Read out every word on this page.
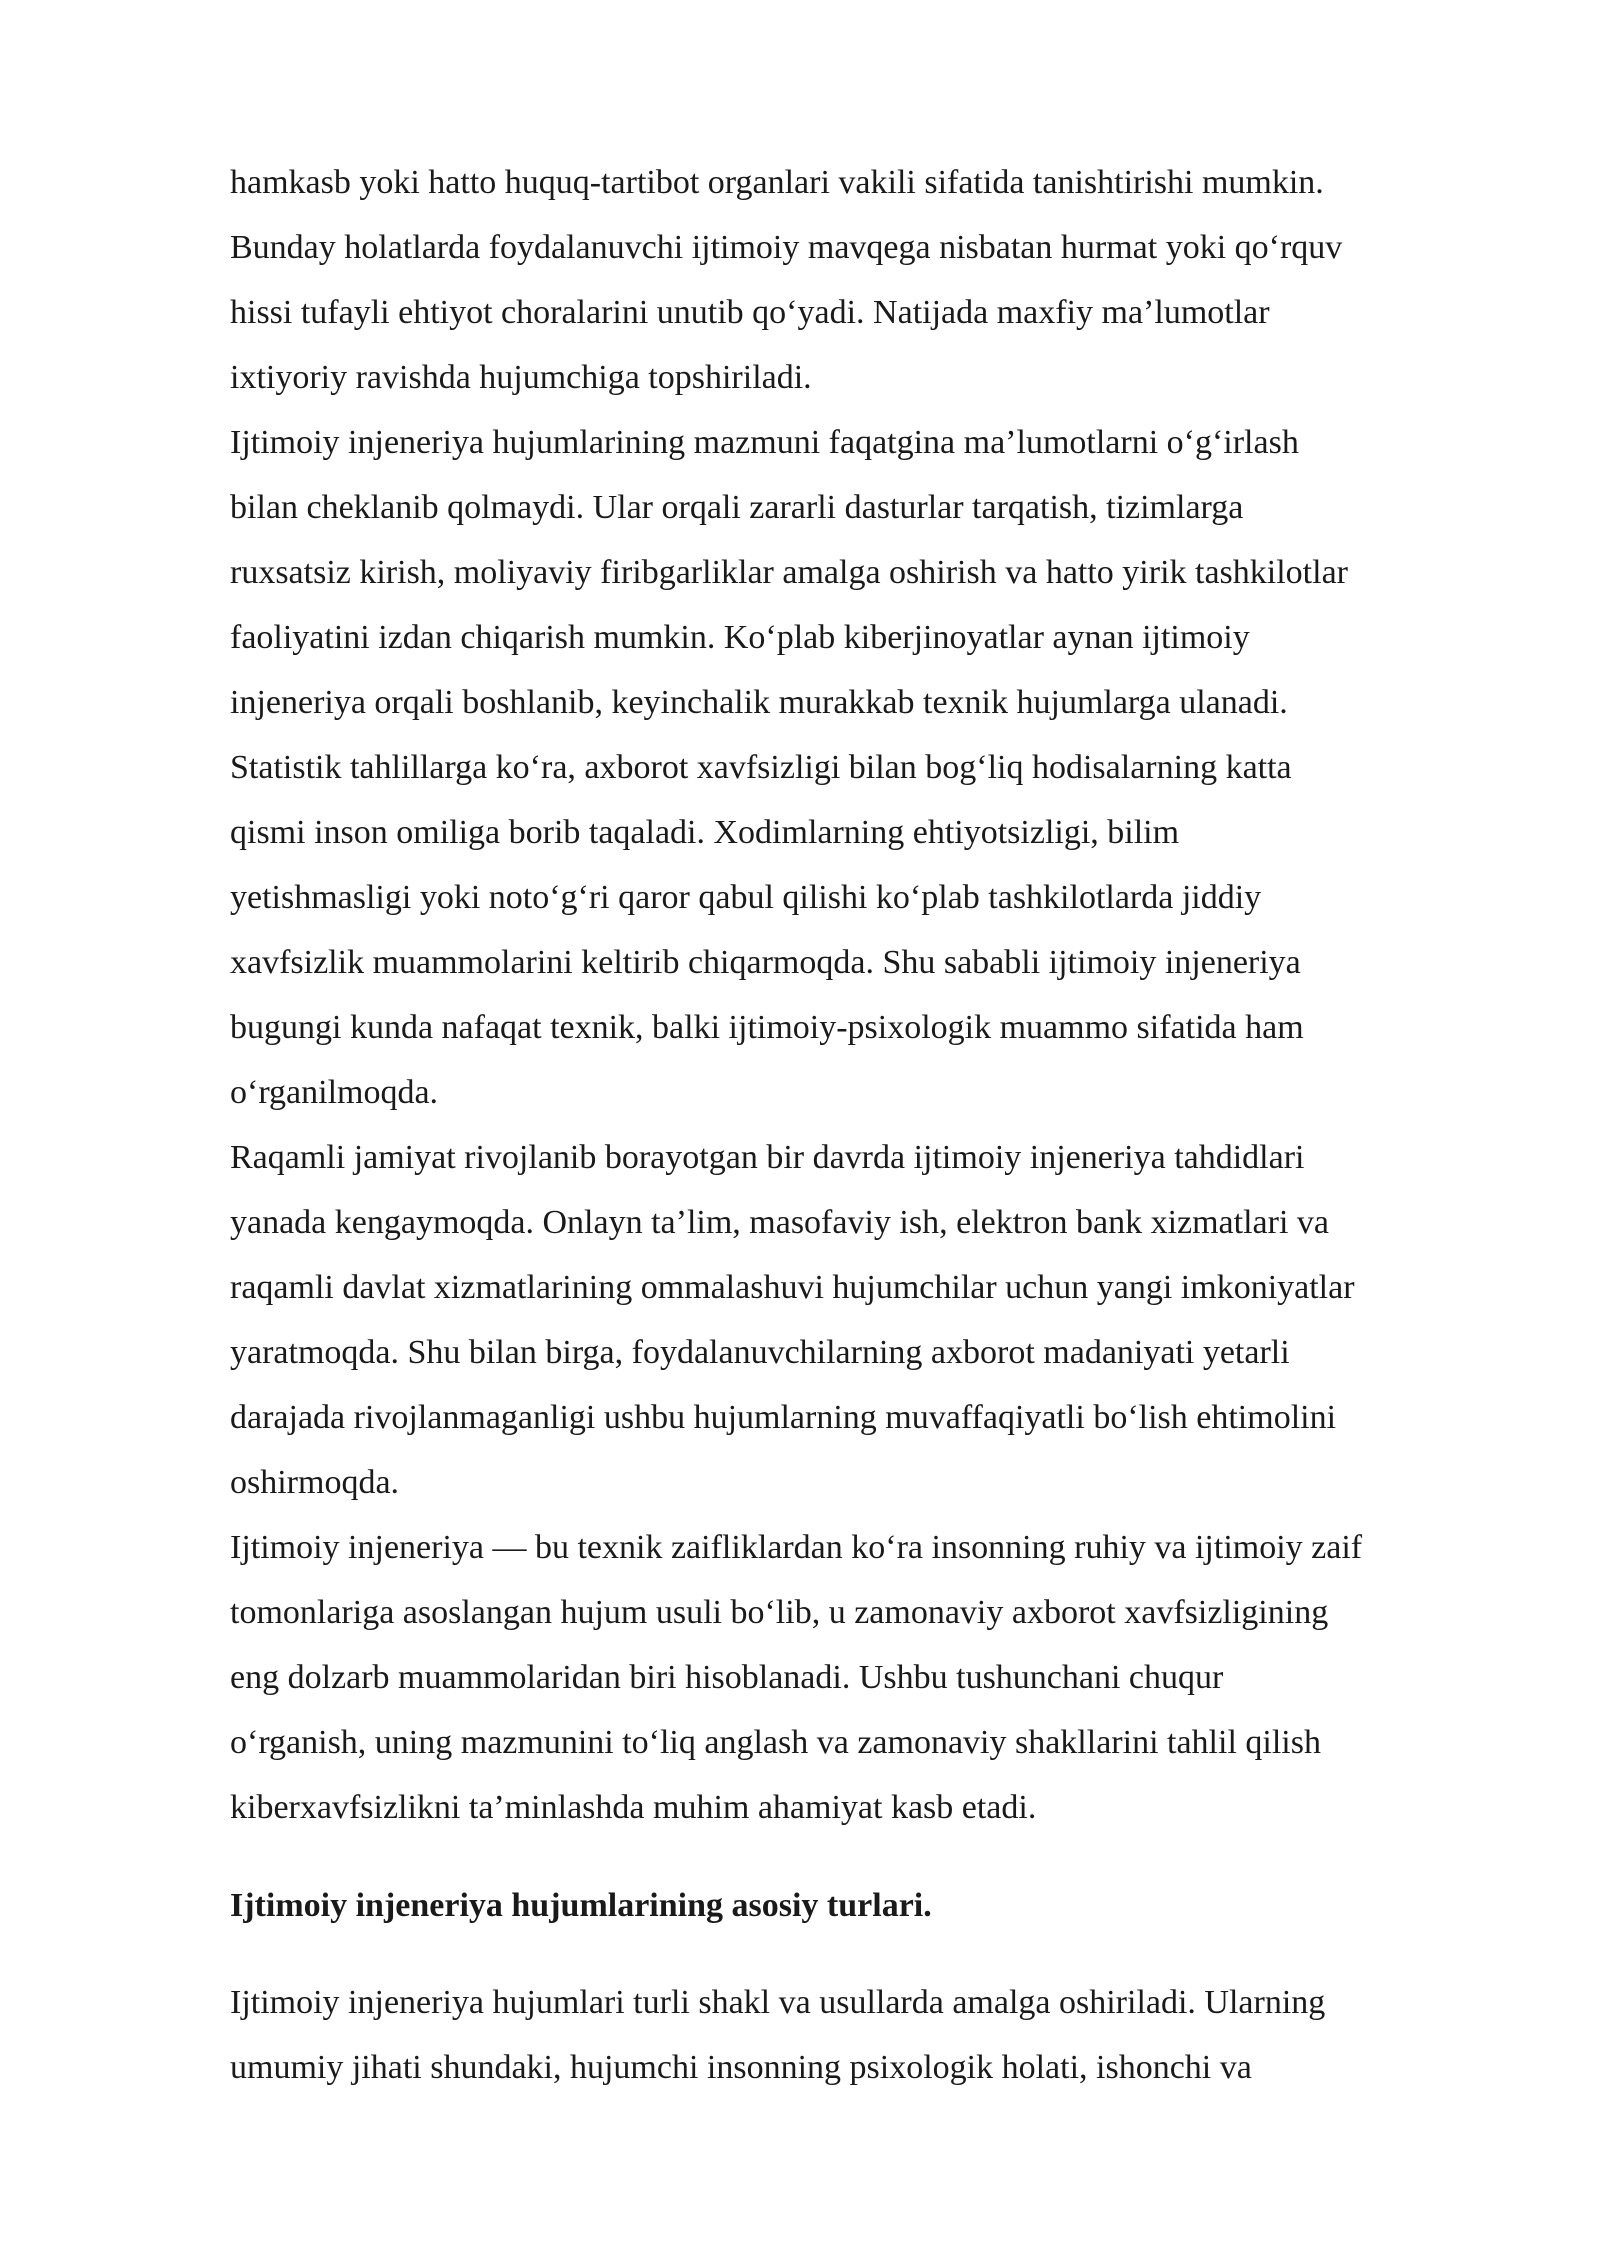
hamkasb yoki hatto huquq-tartibot organlari vakili sifatida tanishtirishi mumkin.
Bunday holatlarda foydalanuvchi ijtimoiy mavqega nisbatan hurmat yoki qo‘rquv
hissi tufayli ehtiyot choralarini unutib qo‘yadi. Natijada maxfiy ma’lumotlar
ixtiyoriy ravishda hujumchiga topshiriladi.
Ijtimoiy injeneriya hujumlarining mazmuni faqatgina ma’lumotlarni o‘g‘irlash
bilan cheklanib qolmaydi. Ular orqali zararli dasturlar tarqatish, tizimlarga
ruxsatsiz kirish, moliyaviy firibgarliklar amalga oshirish va hatto yirik tashkilotlar
faoliyatini izdan chiqarish mumkin. Ko‘plab kiberjinoyatlar aynan ijtimoiy
injeneriya orqali boshlanib, keyinchalik murakkab texnik hujumlarga ulanadi.
Statistik tahlillarga ko‘ra, axborot xavfsizligi bilan bog‘liq hodisalarning katta
qismi inson omiliga borib taqaladi. Xodimlarning ehtiyotsizligi, bilim
yetishmasligi yoki noto‘g‘ri qaror qabul qilishi ko‘plab tashkilotlarda jiddiy
xavfsizlik muammolarini keltirib chiqarmoqda. Shu sababli ijtimoiy injeneriya
bugungi kunda nafaqat texnik, balki ijtimoiy-psixologik muammo sifatida ham
o‘rganilmoqda.
Raqamli jamiyat rivojlanib borayotgan bir davrda ijtimoiy injeneriya tahdidlari
yanada kengaymoqda. Onlayn ta’lim, masofaviy ish, elektron bank xizmatlari va
raqamli davlat xizmatlarining ommalashuvi hujumchilar uchun yangi imkoniyatlar
yaratmoqda. Shu bilan birga, foydalanuvchilarning axborot madaniyati yetarli
darajada rivojlanmaganligi ushbu hujumlarning muvaffaqiyatli bo‘lish ehtimolini
oshirmoqda.
Ijtimoiy injeneriya — bu texnik zaifliklardan ko‘ra insonning ruhiy va ijtimoiy zaif
tomonlariga asoslangan hujum usuli bo‘lib, u zamonaviy axborot xavfsizligining
eng dolzarb muammolaridan biri hisoblanadi. Ushbu tushunchani chuqur
o‘rganish, uning mazmunini to‘liq anglash va zamonaviy shakllarini tahlil qilish
kiberxavfsizlikni ta’minlashda muhim ahamiyat kasb etadi.
Ijtimoiy injeneriya hujumlarining asosiy turlari.
Ijtimoiy injeneriya hujumlari turli shakl va usullarda amalga oshiriladi. Ularning
umumiy jihati shundaki, hujumchi insonning psixologik holati, ishonchi va
